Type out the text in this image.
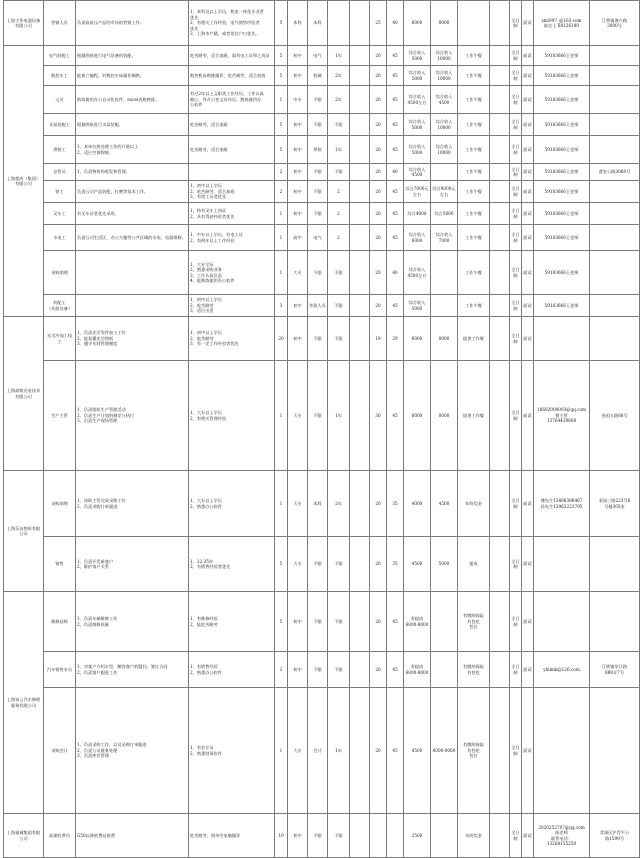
上海大华电器设备有限公司	营销人员	负责高低压产品的市场的营销工作。	1、本科及以上学历，机电一体化专业者
优先
2、有相关工作经验，电气销售经验者
优先
3、上海市户籍，或者常住户口优先。	5	本科	本科			25	40	6000	8000			全日
制	面试	zmi997_@163.com
陆女士 68126180	江桥镇海兴路
2000号
上海莲成（集团）有限公司	电气装配工	根据图纸进行电气设备的装配。	吃苦耐劳，适合加班，需有电工证和上岗证	5	初中	电气	1年		20	45	综合收入
5000	综合收入
10000	工作午餐		全日
制	面试	59183666王老师	
	数控车工	能独立编程，对数控车床操作娴熟。	数控机床熟练操作，吃苦耐劳，适合加班	5	初中	机械	2年		20	45	综合收入
5000	综合收入
10000	工作午餐		全日
制	面试	59183666王老师	
	文员	熟练使用办公自动化软件，excel表格熟练。	有过2年以上文职类工作经历，工作认真
细心，有办公室文员经历，熟练使用办
公软件	1	中专	不限	2年		20	45	综合收入
4500左右	综合收入
4500	工作午餐		全日
制	面试	59183666王老师	
	水泵装配工	根据图纸进行水泵装配。	吃苦耐劳，适合加班	5	初中	不限	不限		20	45	综合收入
5000	综合收入
10000	工作午餐		全日
制	面试	59183666王老师	
	焊接工	1、本单位热处理工作的开展以上
2、适应空调焊接。	吃苦耐劳，适合加班	5	初中	焊接	1年		20	45	综合收入
5000	综合收入
10000	工作午餐		全日
制	面试	59183666王老师	
	仓管员	1、负责物资的收发和管理。		2	初中	不限	不限		20	40	综合收入
4500		工作午餐		全日
制	面试	59183666王老师	曹安公路3068号
	钳工	负责公司产品装配，打磨等技术工作。	1、初中以上学历
2、吃苦耐劳，适合加班
3、有钳工证者优先	2	初中	不限	2		20	45	综合7000元
左右	综合8000元
左右	工作午餐		全日
制	面试	59183666王老师	
	叉车工	有叉车证者优先录用。	1、持有叉车上岗证
2、具有驾驶经验者优先	1	初中	不限	2		20	45	综合4000	综合5000	工作午餐		全日
制	面试	59183666王老师	
	水电工	负责公司生活区、办公大楼等公共区域的水电、电器维修。	1、中专以上学历，有电工证
2、有两年以上工作经验	1	高中	电气	2		20	45	综合收入
6000	综合收入
7000	工作午餐		全日
制	面试	59183666王老师	
	采购助理		1、大专学历
2、熟悉采购业务
3、工作认真负责
4、能熟练使用办公软件	1	大专	不限	不限		20	40	综合收入
4500左右		工作午餐		全日
制	面试	59183666王老师	
	装配工
（外派设备）		1、初中以上学历
2、吃苦耐劳
3、适应出差	3	初中	外派人员	不限		20	45	综合收入
5000		工作午餐		全日
制	面试	59183666王老师	
上海高铸光电技术有限公司	光学冷加工技工	1、负责光学零件加工工作
2、能看懂光学图纸
3、遵守车间管理制度	1、初中以上学历
2、吃苦耐劳
3、有一定工作经验者优先	20	初中	不限	不限		19	29	6000	8000	提供工作餐		全日
制	面试		
	生产主管	1、负责组织生产管理活动
2、负责生产计划的制定与执行
3、负责生产现场管理	1、大专以上学历
2、有相关管理经验	1	大专	不限	1年		30	45	6000	8000	提供工作餐		全日
制	面试	18602000003@qq.com
曹主管
13764439668	金园五路88号
上海乐冶物资有限公司	采购助理	1、协助主管完成采购工作
2、负责采购订单跟进	1、大专以上学历
2、熟悉办公软件	1	大专	本科	2年		20	35	4000	4500	年终奖金		全日
制	面试	傅先生13888386467
孙先生13962223795	金园三路223号6
号楼305室
	销售	1、负责开发新客户
2、维护客户关系	1、22-35岁
2、有销售经验者优先	5	大专	不限	不限		20	35	4500	5000	提成		全日
制	面试		
上海家云汽车修理服务有限公司	维修技师	1、负责车辆维修工作
2、负责维修质量	1、有维修经验
2、能吃苦耐劳	5	初中	不限	不限		20	45	有提成
6000-8000		有缴纳保险
有包吃
包住		全日
制	面试		
	汽车销售专员	1、对客户介绍车型，解答客户的疑问，签订合同
2、负责客户跟进工作	1、有销售经验
2、熟悉办公软件	3	初中	不限	不限		20	45	有提成
6000-8000		有缴纳保险
有包吃		全日
制	面试	yhlimk@126.com	江桥镇华江路
888弄7号
	采购会计	1、负责采购工作，以及采购订单跟进
2、负责公司账务处理
3、负责库存管理	1、有会计证
2、熟悉财务软件	1	大专	会计	1年		20	45	4500	6000-8000	有缴纳保险
有包吃
包住		全日
制	面试		
上海福诚集团有限公司	高速收费员	G50以降收费站收费	吃苦耐劳，简单会电脑操作	10	初中	不限	不限				3500		年终奖金		全日
制	面试	2020252707@qq.com
陈老师
联系电话：
13268155250	青浦区沪青平公
路1599号
